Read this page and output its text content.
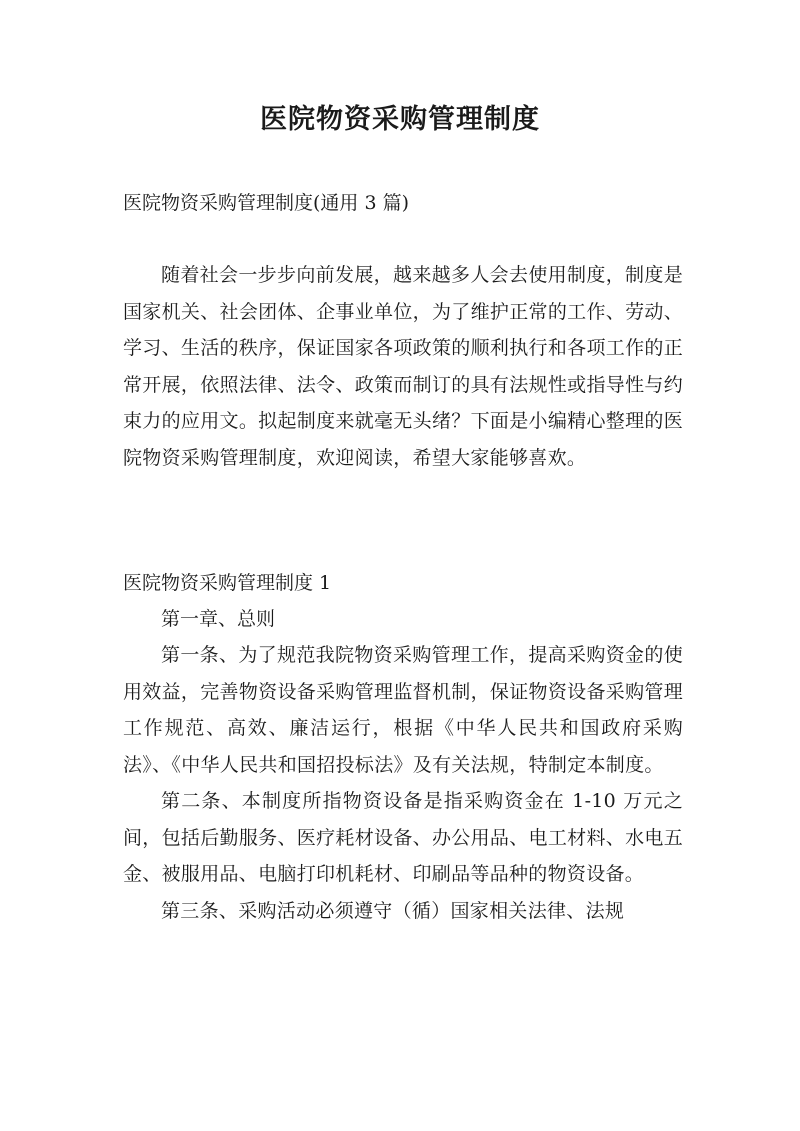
医院物资采购管理制度

医院物资采购管理制度(通用 3 篇)

随着社会一步步向前发展，越来越多人会去使用制度，制度是国家机关、社会团体、企事业单位，为了维护正常的工作、劳动、学习、生活的秩序，保证国家各项政策的顺利执行和各项工作的正常开展，依照法律、法令、政策而制订的具有法规性或指导性与约束力的应用文。拟起制度来就毫无头绪？下面是小编精心整理的医院物资采购管理制度，欢迎阅读，希望大家能够喜欢。

医院物资采购管理制度 1

第一章、总则

第一条、为了规范我院物资采购管理工作，提高采购资金的使用效益，完善物资设备采购管理监督机制，保证物资设备采购管理工作规范、高效、廉洁运行，根据《中华人民共和国政府采购法》、《中华人民共和国招投标法》及有关法规，特制定本制度。

第二条、本制度所指物资设备是指采购资金在 1-10 万元之间，包括后勤服务、医疗耗材设备、办公用品、电工材料、水电五金、被服用品、电脑打印机耗材、印刷品等品种的物资设备。

第三条、采购活动必须遵守（循）国家相关法律、法规
